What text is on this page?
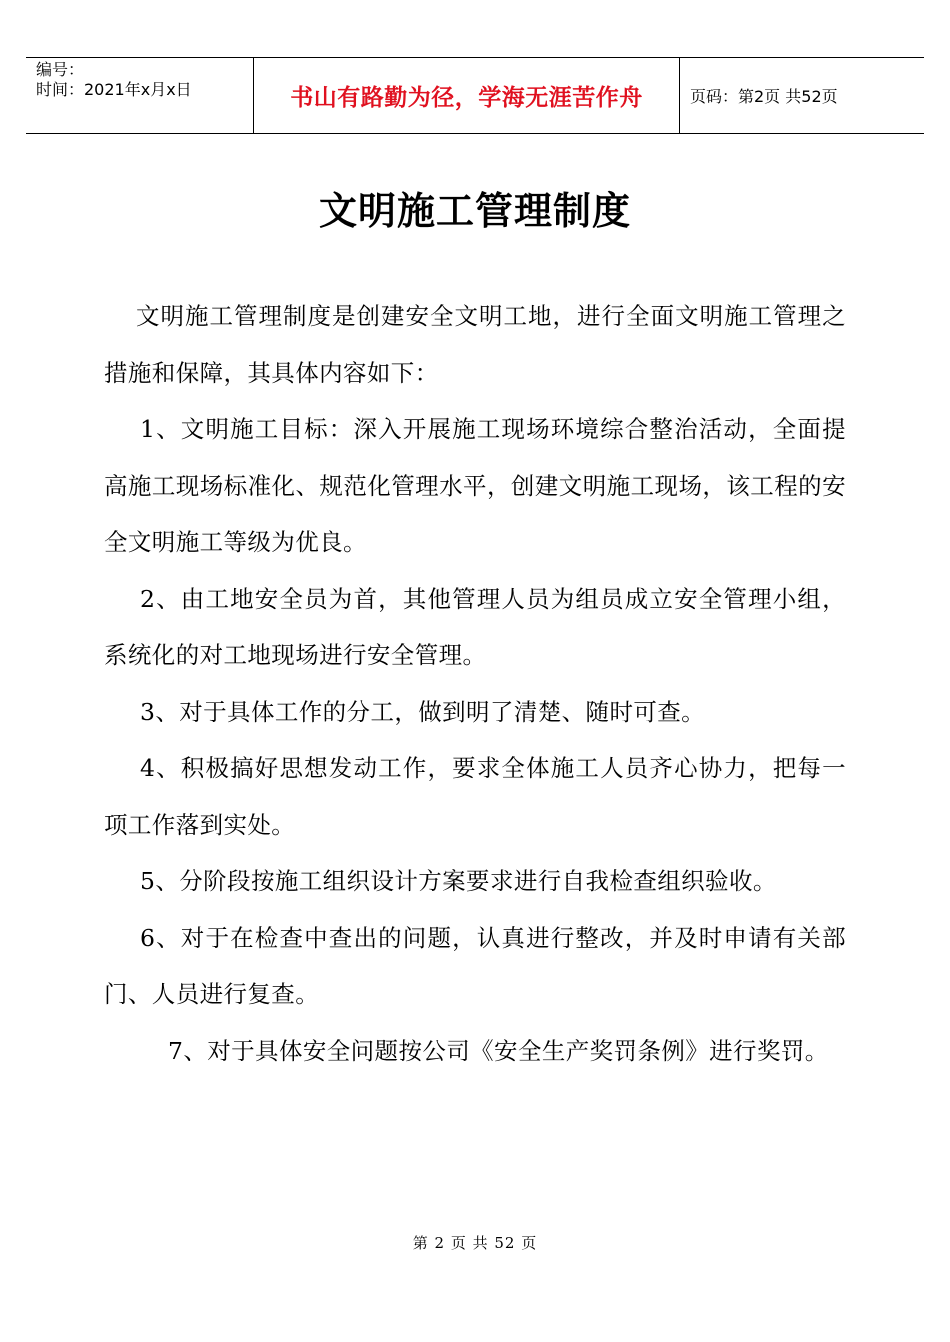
编号：
时间：2021年x月x日	书山有路勤为径，学海无涯苦作舟	页码：第2页 共52页
文明施工管理制度

文明施工管理制度是创建安全文明工地，进行全面文明施工管理之措施和保障，其具体内容如下：

1、文明施工目标：深入开展施工现场环境综合整治活动，全面提高施工现场标准化、规范化管理水平，创建文明施工现场，该工程的安全文明施工等级为优良。

2、由工地安全员为首，其他管理人员为组员成立安全管理小组，系统化的对工地现场进行安全管理。

3、对于具体工作的分工，做到明了清楚、随时可查。

4、积极搞好思想发动工作，要求全体施工人员齐心协力，把每一项工作落到实处。

5、分阶段按施工组织设计方案要求进行自我检查组织验收。

6、对于在检查中查出的问题，认真进行整改，并及时申请有关部门、人员进行复查。

7、对于具体安全问题按公司《安全生产奖罚条例》进行奖罚。

第 2 页 共 52 页
